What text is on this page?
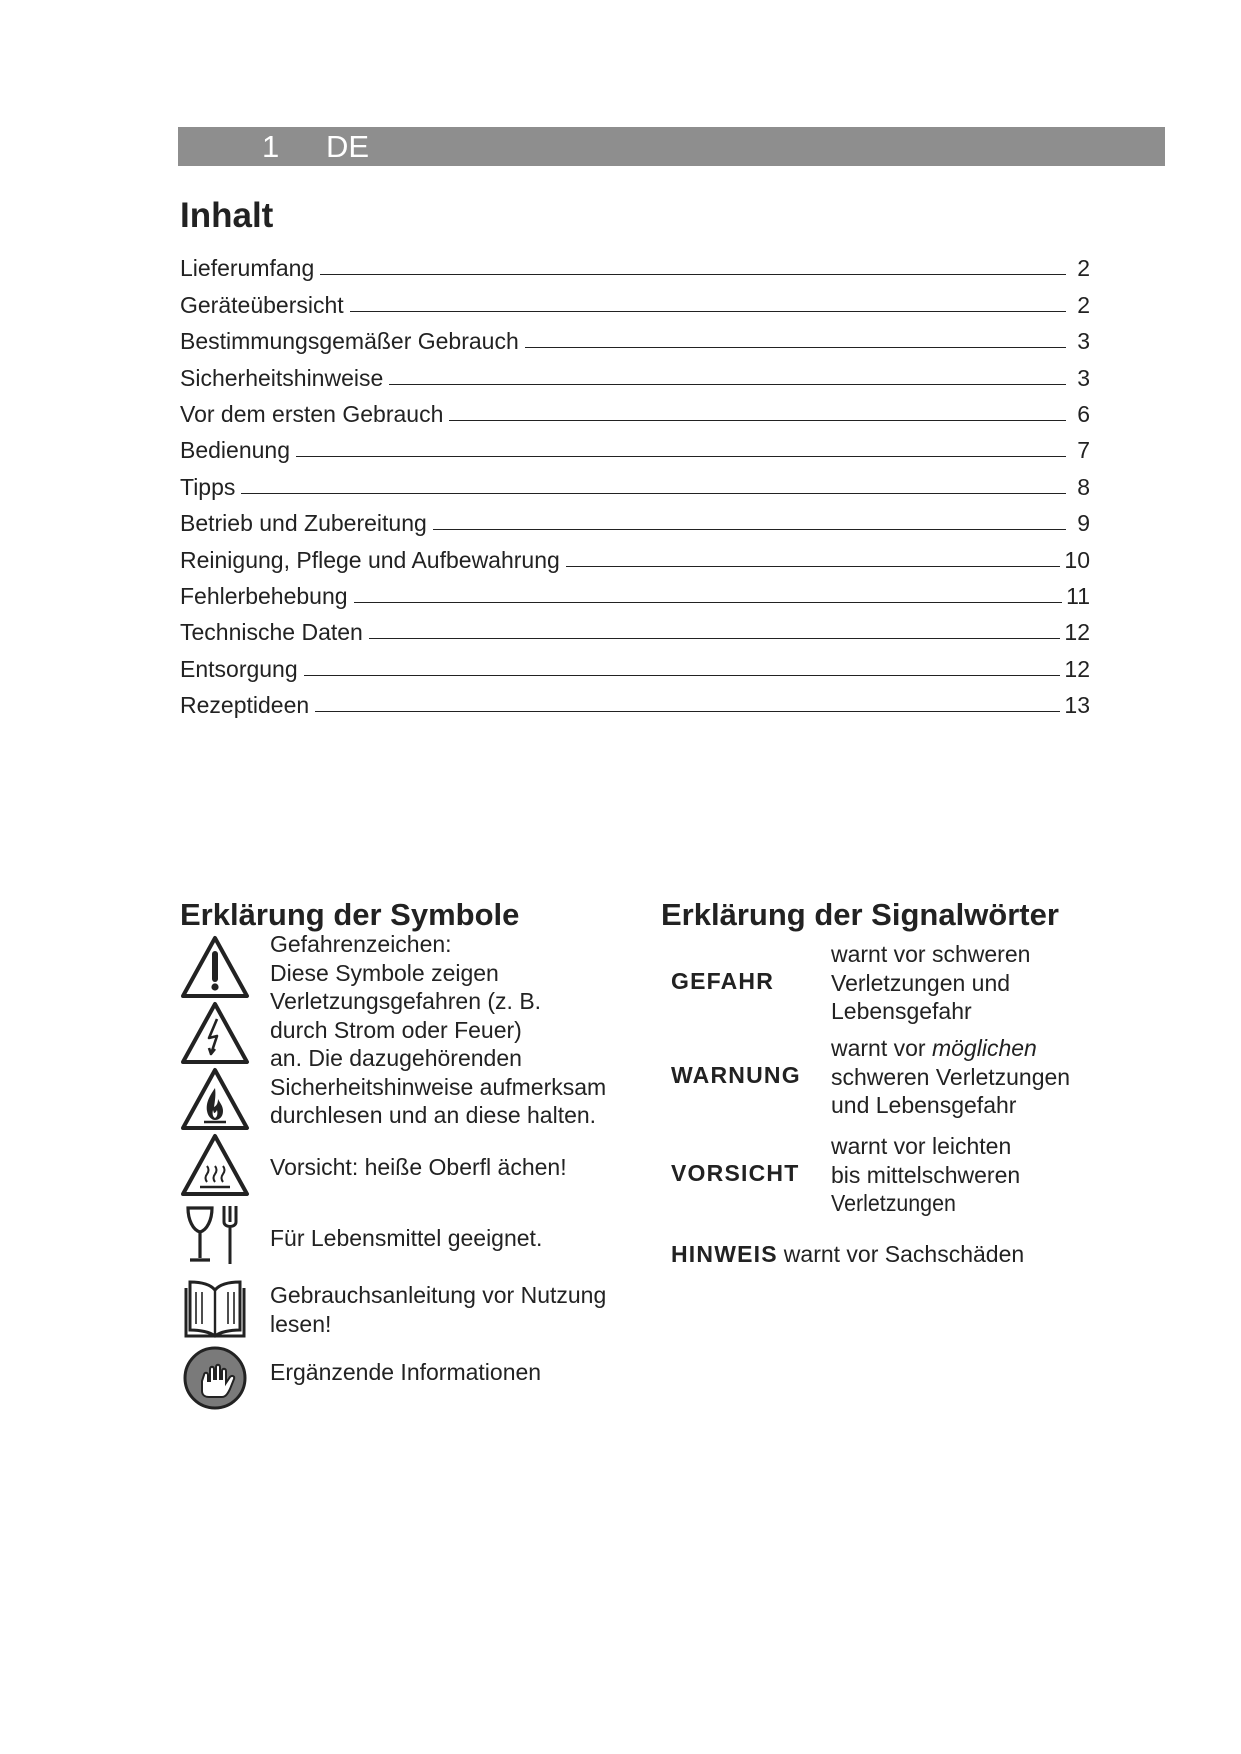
1 DE
Inhalt
Lieferumfang	2
Geräteübersicht	2
Bestimmungsgemäßer Gebrauch	3
Sicherheitshinweise	3
Vor dem ersten Gebrauch	6
Bedienung	7
Tipps	8
Betrieb und Zubereitung	9
Reinigung, Pflege und Aufbewahrung	10
Fehlerbehebung	11
Technische Daten	12
Entsorgung	12
Rezeptideen	13
Erklärung der Symbole
Gefahrenzeichen:
Diese Symbole zeigen
Verletzungsgefahren (z. B.
durch Strom oder Feuer)
an. Die dazugehörenden
Sicherheitshinweise aufmerksam
durchlesen und an diese halten.
Vorsicht: heiße Oberfl ächen!
Für Lebensmittel geeignet.
Gebrauchsanleitung vor Nutzung
lesen!
Ergänzende Informationen
Erklärung der Signalwörter
GEFAHR
warnt vor schweren
Verletzungen und
Lebensgefahr
WARNUNG
warnt vor möglichen
schweren Verletzungen
und Lebensgefahr
VORSICHT
warnt vor leichten
bis mittelschweren
Verletzungen
HINWEIS warnt vor Sachschäden
